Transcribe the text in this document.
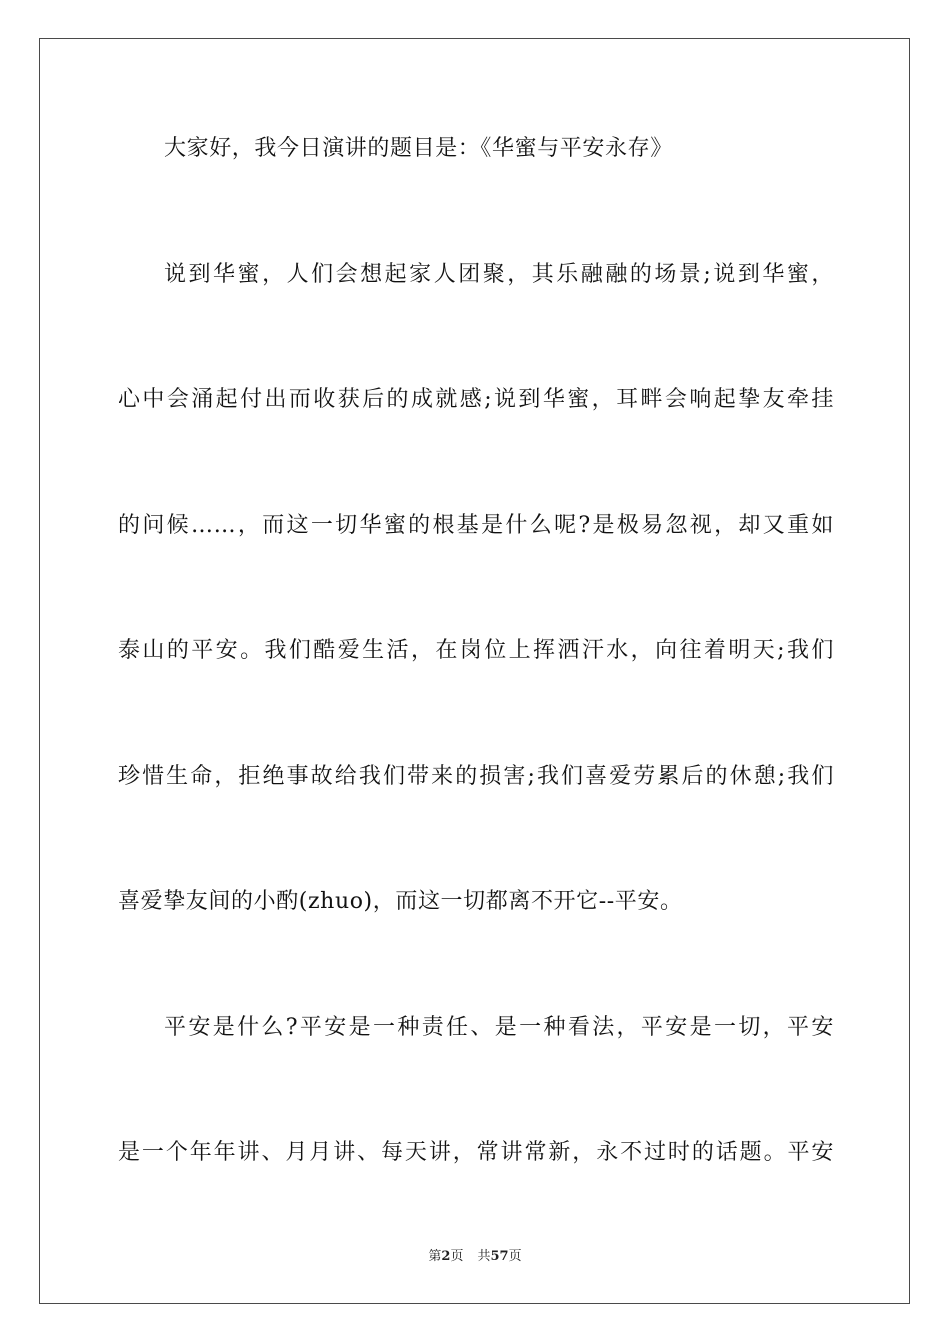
大家好，我今日演讲的题目是：《华蜜与平安永存》
说到华蜜，人们会想起家人团聚，其乐融融的场景;说到华蜜，
心中会涌起付出而收获后的成就感;说到华蜜，耳畔会响起挚友牵挂
的问候……，而这一切华蜜的根基是什么呢?是极易忽视，却又重如
泰山的平安。我们酷爱生活，在岗位上挥洒汗水，向往着明天;我们
珍惜生命，拒绝事故给我们带来的损害;我们喜爱劳累后的休憩;我们
喜爱挚友间的小酌(zhuo)，而这一切都离不开它--平安。
平安是什么?平安是一种责任、是一种看法，平安是一切，平安
是一个年年讲、月月讲、每天讲，常讲常新，永不过时的话题。平安
第2页 共57页
